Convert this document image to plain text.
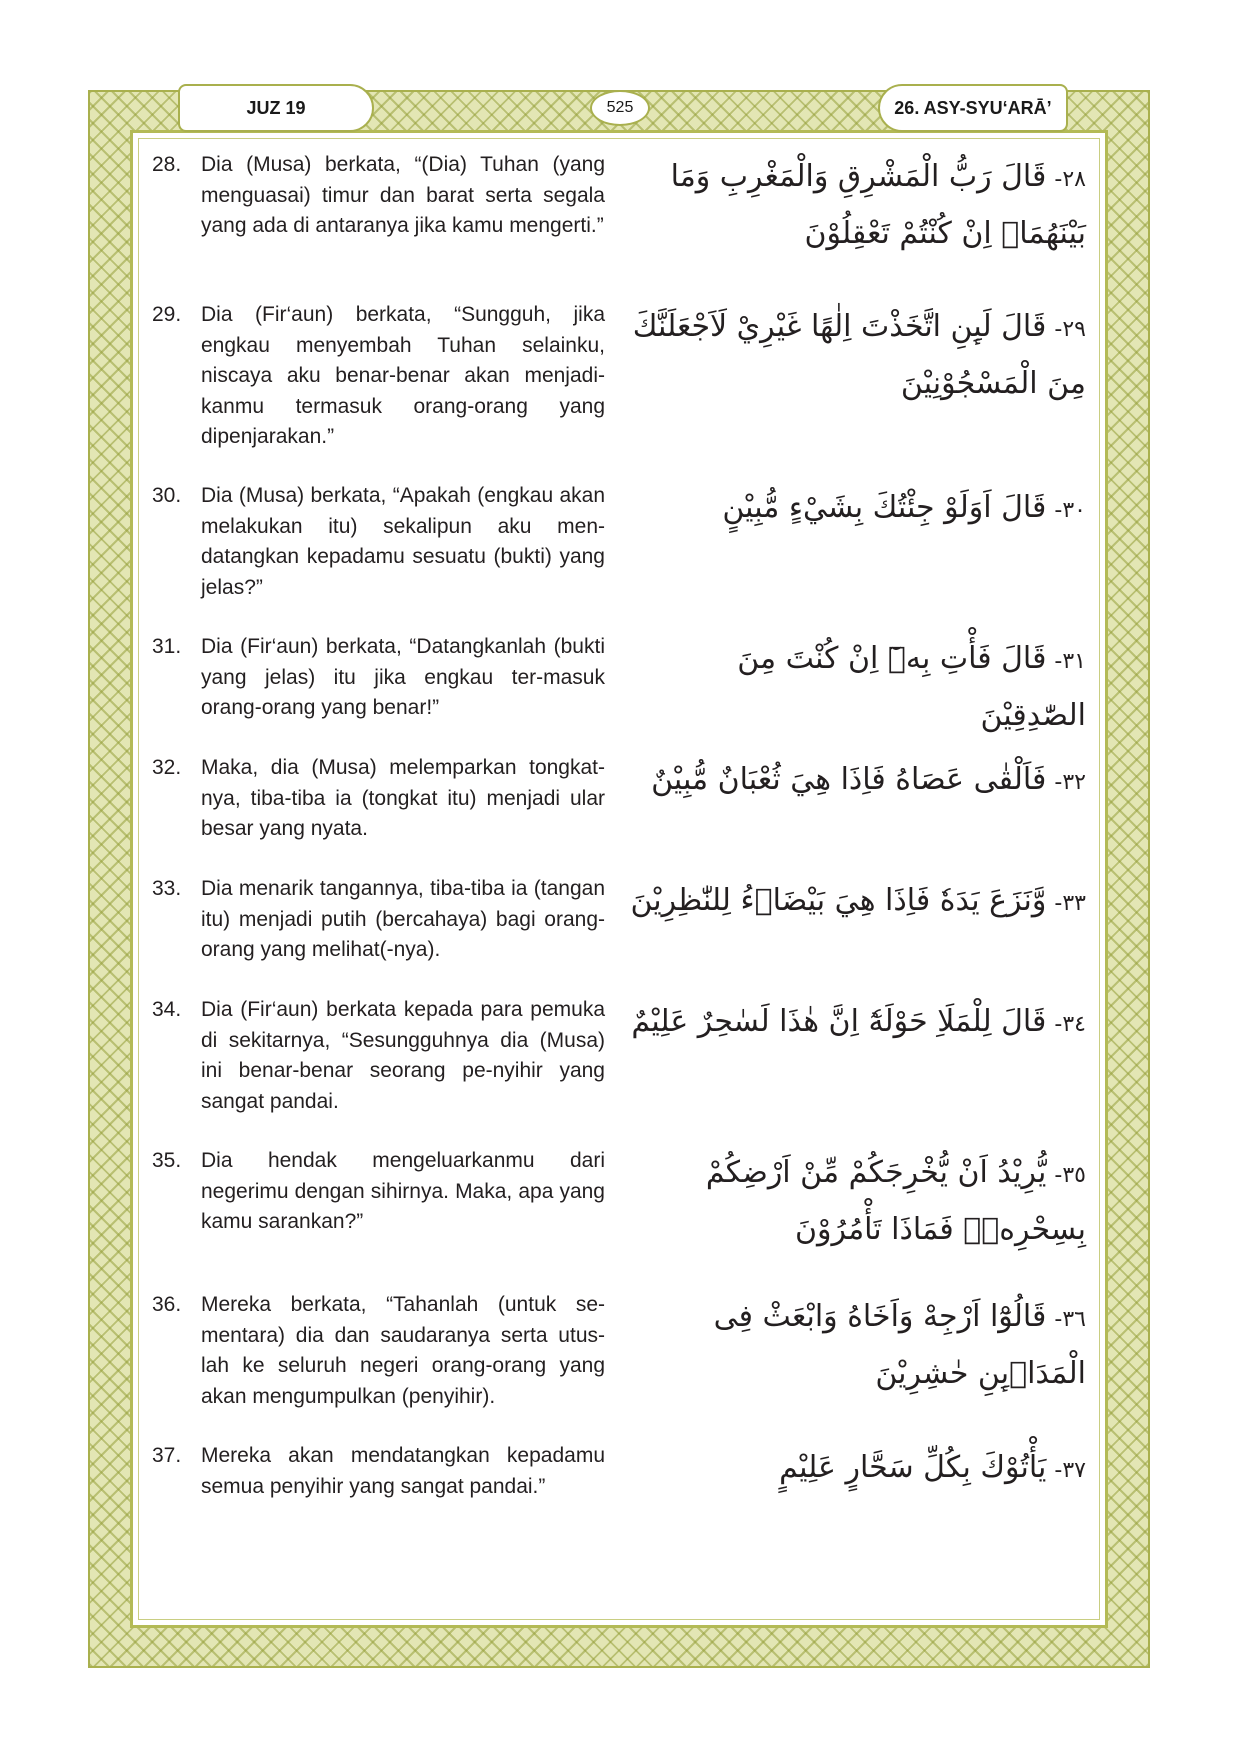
JUZ 19	525	26. ASY-SYU‘ARĀ’
28. Dia (Musa) berkata, “(Dia) Tuhan (yang menguasai) timur dan barat serta segala yang ada di antaranya jika kamu mengerti.”
٢٨-قَالَ رَبُّ الْمَشْرِقِ وَالْمَغْرِبِ وَمَا بَيْنَهُمَاۗ اِنْ كُنْتُمْ تَعْقِلُوْنَ
29. Dia (Fir‘aun) berkata, “Sungguh, jika engkau menyembah Tuhan selainku, niscaya aku benar-benar akan menjadi-kanmu termasuk orang-orang yang dipenjarakan.”
٢٩-قَالَ لَىِٕنِ اتَّخَذْتَ اِلٰهًا غَيْرِيْ لَاَجْعَلَنَّكَ مِنَ الْمَسْجُوْنِيْنَ
30. Dia (Musa) berkata, “Apakah (engkau akan melakukan itu) sekalipun aku men-datangkan kepadamu sesuatu (bukti) yang jelas?”
٣٠-قَالَ اَوَلَوْ جِئْتُكَ بِشَيْءٍ مُّبِيْنٍ
31. Dia (Fir‘aun) berkata, “Datangkanlah (bukti yang jelas) itu jika engkau ter-masuk orang-orang yang benar!”
٣١-قَالَ فَأْتِ بِهٖٓ اِنْ كُنْتَ مِنَ الصّٰدِقِيْنَ
32. Maka, dia (Musa) melemparkan tongkat-nya, tiba-tiba ia (tongkat itu) menjadi ular besar yang nyata.
٣٢-فَاَلْقٰى عَصَاهُ فَاِذَا هِيَ ثُعْبَانٌ مُّبِيْنٌ
33. Dia menarik tangannya, tiba-tiba ia (tangan itu) menjadi putih (bercahaya) bagi orang-orang yang melihat(-nya).
٣٣-وَّنَزَعَ يَدَهٗ فَاِذَا هِيَ بَيْضَاۤءُ لِلنّٰظِرِيْنَ
34. Dia (Fir‘aun) berkata kepada para pemuka di sekitarnya, “Sesungguhnya dia (Musa) ini benar-benar seorang pe-nyihir yang sangat pandai.
٣٤-قَالَ لِلْمَلَاِ حَوْلَهٗٓ اِنَّ هٰذَا لَسٰحِرٌ عَلِيْمٌ
35. Dia hendak mengeluarkanmu dari negerimu dengan sihirnya. Maka, apa yang kamu sarankan?”
٣٥-يُّرِيْدُ اَنْ يُّخْرِجَكُمْ مِّنْ اَرْضِكُمْ بِسِحْرِهٖۖ فَمَاذَا تَأْمُرُوْنَ
36. Mereka berkata, “Tahanlah (untuk se-mentara) dia dan saudaranya serta utus-lah ke seluruh negeri orang-orang yang akan mengumpulkan (penyihir).
٣٦-قَالُوْٓا اَرْجِهْ وَاَخَاهُ وَابْعَثْ فِى الْمَدَاۤىِٕنِ حٰشِرِيْنَ
37. Mereka akan mendatangkan kepadamu semua penyihir yang sangat pandai.”
٣٧-يَأْتُوْكَ بِكُلِّ سَحَّارٍ عَلِيْمٍ
